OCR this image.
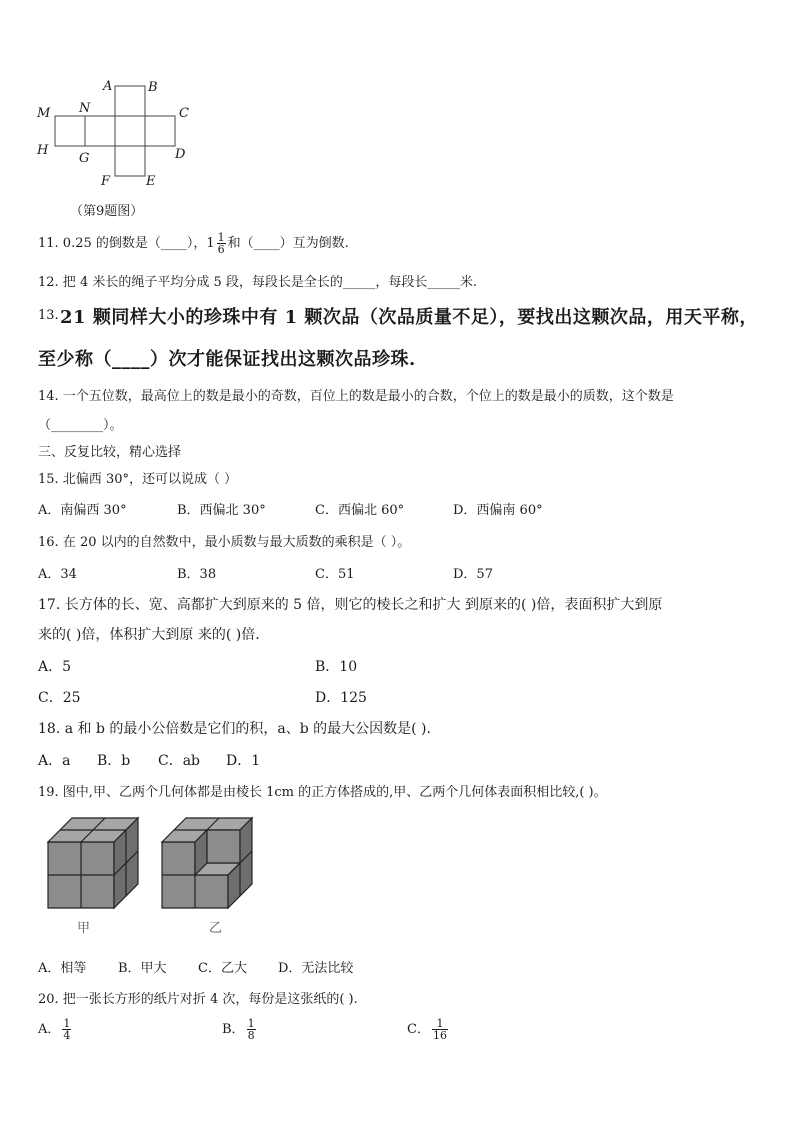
A	B
M N	C
H
G	D
F	E
（第9题图）
11. 0.25 的倒数是（____），$1 \frac{1}{6}$ 和（____）互为倒数.
12. 把 4 米长的绳子平均分成 5 段，每段长是全长的_____，每段长_____米.
13. 21 颗同样大小的珍珠中有 1 颗次品（次品质量不足），要找出这颗次品，用天平称，
至少称（____）次才能保证找出这颗次品珍珠.
14. 一个五位数，最高位上的数是最小的奇数，百位上的数是最小的合数，个位上的数是最小的质数，这个数是
（________）。
三、反复比较，精心选择
15. 北偏西 30°，还可以说成（ ）
A．南偏西 30°	B．西偏北 30°	C．西偏北 60°	D．西偏南 60°
16. 在 20 以内的自然数中，最小质数与最大质数的乘积是（ ）。
A．34	B．38	C．51	D．57
17. 长方体的长、宽、高都扩大到原来的 5 倍，则它的棱长之和扩大 到原来的( )倍，表面积扩大到原
来的( )倍，体积扩大到原 来的( )倍.
A．5	B．10
C．25	D．125
18. a 和 b 的最小公倍数是它们的积，a、b 的最大公因数是( ).
A．a B．b C．ab D．1
19. 图中,甲、乙两个几何体都是由棱长 1cm 的正方体搭成的,甲、乙两个几何体表面积相比较,( )。
甲	乙
A．相等 B．甲大 C．乙大 D．无法比较
20. 把一张长方形的纸片对折 4 次，每份是这张纸的( ).
A． $\frac{1}{4}$	B． $\frac{1}{8}$	C． $\frac{1}{16}$
